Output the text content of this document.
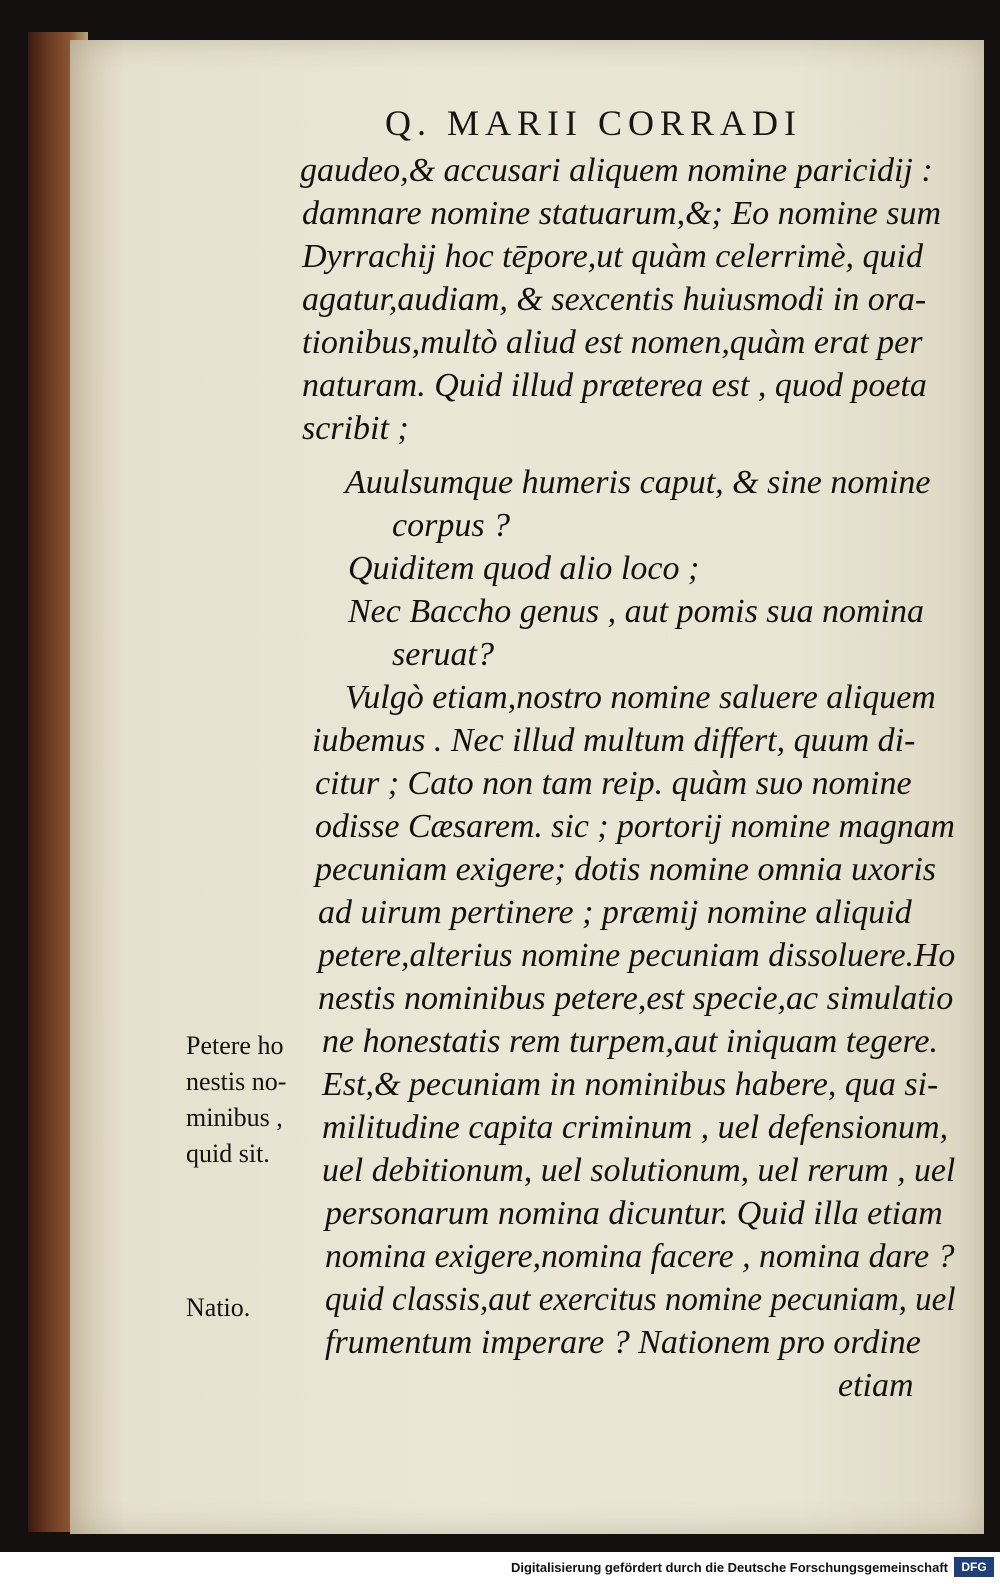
Q. MARII CORRADI
gaudeo,& accusari aliquem nomine paricidij :
damnare nomine statuarum,&; Eo nomine sum
Dyrrachij hoc tēpore,ut quàm celerrimè, quid
agatur,audiam, & sexcentis huiusmodi in ora-
tionibus,multò aliud est nomen,quàm erat per
naturam. Quid illud præterea est , quod poeta
scribit ;
Auulsumque humeris caput, & sine nomine
corpus ?
Quiditem quod alio loco ;
Nec Baccho genus , aut pomis sua nomina
seruat?
Vulgò etiam,nostro nomine saluere aliquem
iubemus . Nec illud multum differt, quum di-
citur ; Cato non tam reip. quàm suo nomine
odisse Cæsarem. sic ; portorij nomine magnam
pecuniam exigere; dotis nomine omnia uxoris
ad uirum pertinere ; præmij nomine aliquid
petere,alterius nomine pecuniam dissoluere.Ho
nestis nominibus petere,est specie,ac simulatio
ne honestatis rem turpem,aut iniquam tegere.
Est,& pecuniam in nominibus habere, qua si-
militudine capita criminum , uel defensionum,
uel debitionum, uel solutionum, uel rerum , uel
personarum nomina dicuntur. Quid illa etiam
nomina exigere,nomina facere , nomina dare ?
quid classis,aut exercitus nomine pecuniam, uel
frumentum imperare ? Nationem pro ordine
etiam
Petere ho
nestis no-
minibus ,
quid sit.
Natio.
Digitalisierung gefördert durch die Deutsche Forschungsgemeinschaft	DFG
